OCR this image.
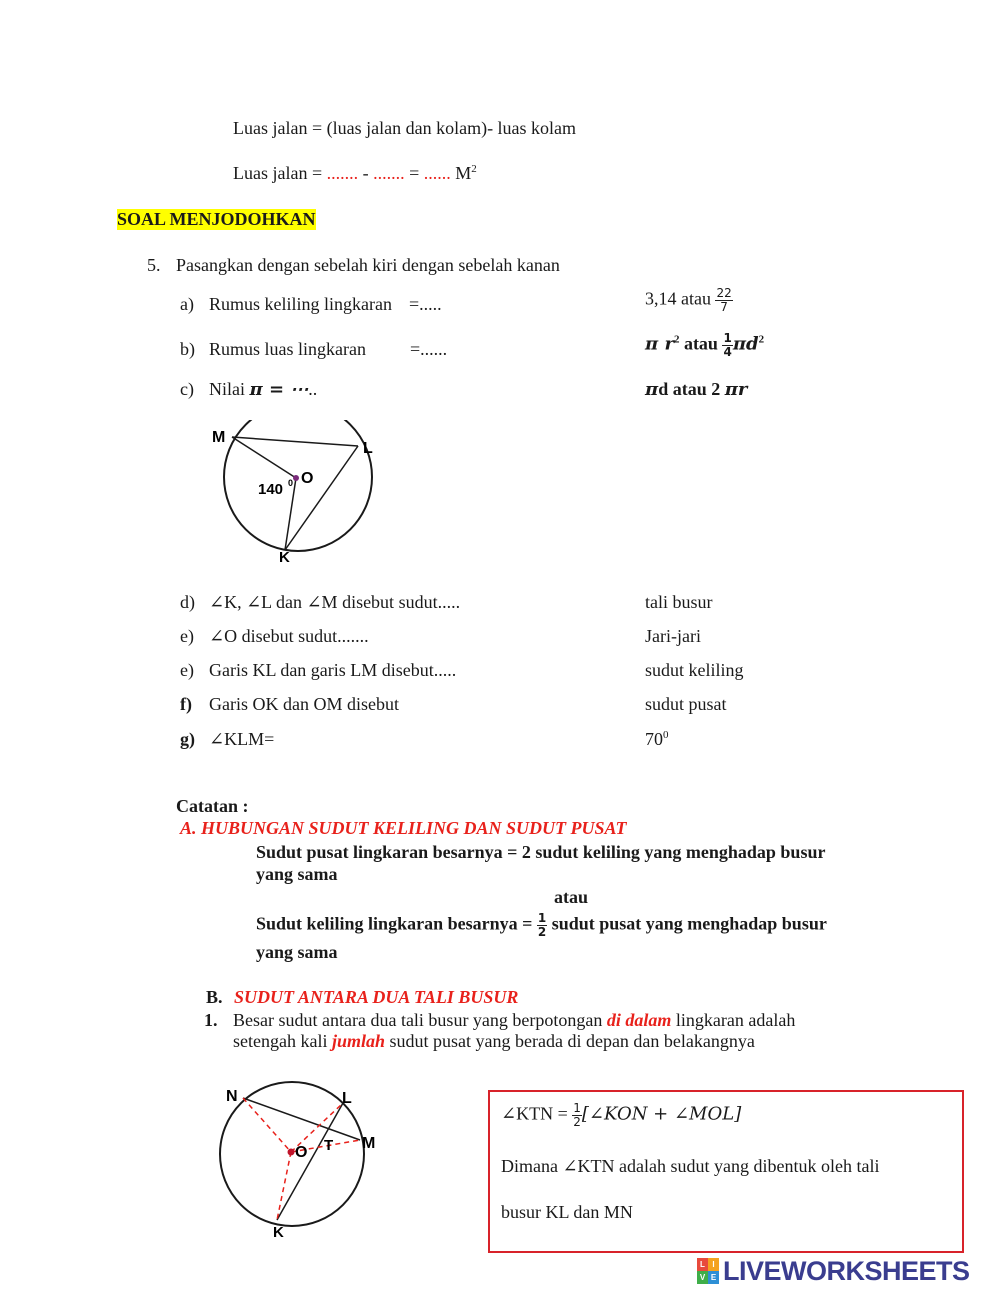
Luas jalan = (luas jalan dan kolam)- luas kolam
Luas jalan = ....... - ....... = ...... $M^2$
SOAL MENJODOHKAN
5. Pasangkan dengan sebelah kiri dengan sebelah kanan
a) Rumus keliling lingkaran =.....
b) Rumus luas lingkaran =......
c) Nilai π = ⋯..
3,14 atau $\frac{22}{7}$
π $r^2$ atau $\frac{1}{4} \pi d^2$
πd atau 2 πr
M
L
O
K
140 0
d) ∠K, ∠L dan ∠M disebut sudut.....
e) ∠O disebut sudut.......
e) Garis KL dan garis LM disebut.....
f) Garis OK dan OM disebut
g) ∠KLM=
tali busur
Jari-jari
sudut keliling
sudut pusat
$70^0$
Catatan :
A. HUBUNGAN SUDUT KELILING DAN SUDUT PUSAT
Sudut pusat lingkaran besarnya = 2 sudut keliling yang menghadap busur
yang sama
atau
Sudut keliling lingkaran besarnya = $\frac{1}{2}$ sudut pusat yang menghadap busur
yang sama
B. SUDUT ANTARA DUA TALI BUSUR
1. Besar sudut antara dua tali busur yang berpotongan di dalam lingkaran adalah
setengah kali jumlah sudut pusat yang berada di depan dan belakangnya
N	L
M
O T
K
∠KTN = $\frac{1}{2}$ [∠KON + ∠MOL]
Dimana ∠KTN adalah sudut yang dibentuk oleh tali
busur KL dan MN
L I
V E LIVEWORKSHEETS
